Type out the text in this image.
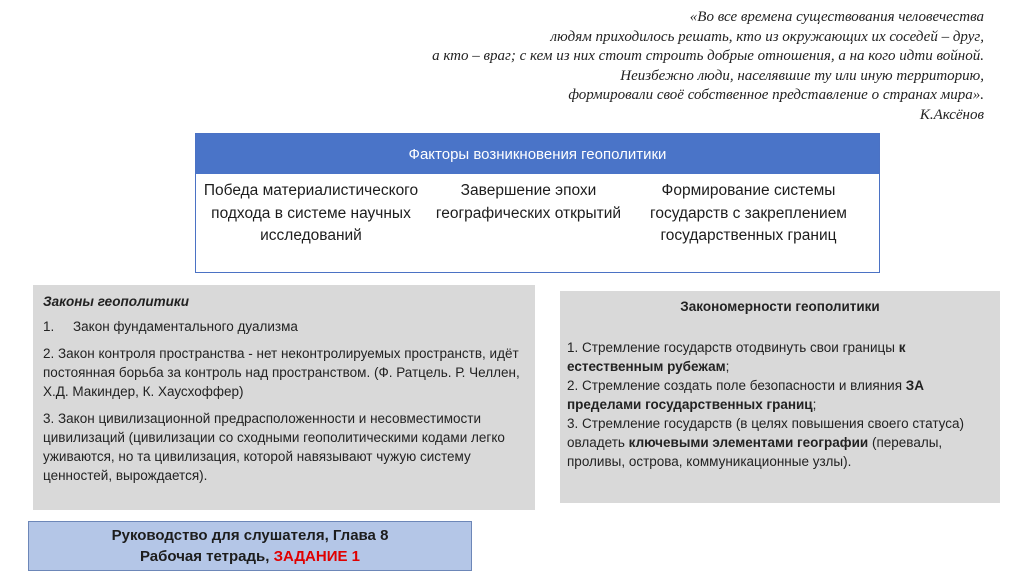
«Во все времена существования человечества
людям приходилось решать, кто из окружающих их соседей – друг,
а кто – враг; с кем из них стоит строить добрые отношения, а на кого идти войной.
Неизбежно люди, населявшие ту или иную территорию,
формировали своё собственное представление о странах мира».
К.Аксёнов
Факторы возникновения геополитики
Победа материалистического подхода в системе научных исследований
Завершение эпохи географических открытий
Формирование системы государств с закреплением государственных границ
Законы геополитики
1. Закон фундаментального дуализма
2. Закон контроля пространства - нет неконтролируемых пространств, идёт постоянная борьба за контроль над пространством. (Ф. Ратцель. Р. Челлен, Х.Д. Макиндер, К. Хаусхоффер)
3. Закон цивилизационной предрасположенности и несовместимости цивилизаций (цивилизации со сходными геополитическими кодами легко уживаются, но та цивилизация, которой навязывают чужую систему ценностей, вырождается).
Закономерности геополитики
1. Стремление государств отодвинуть свои границы к естественным рубежам;
2. Стремление создать поле безопасности и влияния ЗА пределами государственных границ;
3. Стремление государств (в целях повышения своего статуса) овладеть ключевыми элементами географии (перевалы, проливы, острова, коммуникационные узлы).
Руководство для слушателя, Глава 8
Рабочая тетрадь, ЗАДАНИЕ 1
